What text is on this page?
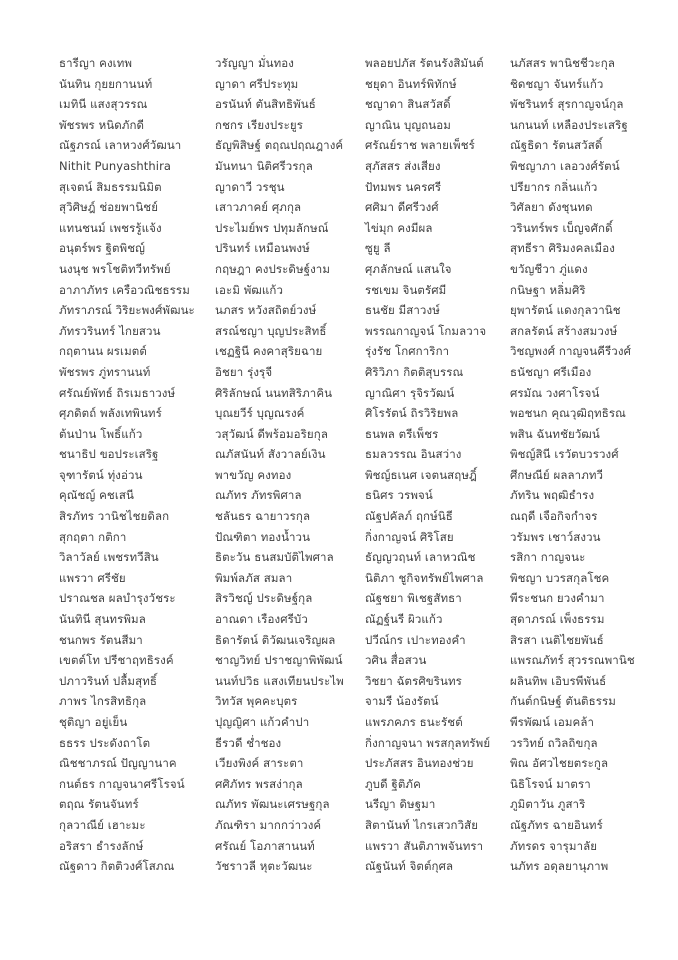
ธารีญา คงเทพ
นันทิน กุยยกานนท์
เมทินี แสงสุวรรณ
พัชรพร หนิดภักดี
ณัฐภรณ์ เลาหวงศ์วัฒนา
Nithit Punyashthira
สุเจตน์ สิมธรรมนิมิต
สุวิศิษฎ์ ช่อยพานิชย์
แทนชนม์ เพชรรู้แจ้ง
อนุตร์พร ฐิตพิชญ์
นงนุช พรโชติทวีทรัพย์
อาภาภัทร เครือวณิชธรรม
ภัทราภรณ์ วิริยะพงศ์พัฒนะ
ภัทรวรินทร์ ไกยสวน
กฤตานน ผรเมตต์
พัชรพร ภู่ทรานนท์
ศรัณย์พัทธ์ ถิรเมธาวงษ์
ศุภดิตถ์ พลังเทพินทร์
ต้นป่าน โพธิ์แก้ว
ชนาธิป ขอประเสริฐ
จุฑารัตน์ ทุ่งอ่วน
คุณัชญ์ คชเสนี
สิรภัทร วานิชไชยดิลก
สุกฤตา กติกา
วิลาวัลย์ เพชรทวีสิน
แพรวา ศรีชัย
ปราณชล ผลบำรุงวัชระ
นันทินี สุนทรพิมล
ชนกพร รัตนสีมา
เขตต์โท ปรีชาฤทธิรงค์
ปภาวรินท์ ปลื้มสุทธิ์
ภาพร ไกรสิทธิกุล
ชุติญา อยู่เย็น
ธธรร ประดังถาโต
ณิชชาภรณ์ ปัญญานาค
กนต์ธร กาญจนาศรีโรจน์
ตฤณ รัตนจันทร์
กุลวาณีย์ เฮาะมะ
อริสรา ธำรงลักษ์
ณัฐดาว กิตติวงศ์โสภณ
วรัญญา มั่นทอง
ญาดา ศรีประทุม
อรนันท์ ตันสิทธิพันธ์
กชกร เรียงประยูร
ธัญพิสิษฐ์ ตฤณปฤณฎางค์
มันทนา นิติศรีวรกุล
ญาดาวี วรชุน
เสาวภาคย์ ศุภกุล
ประไมย์พร ปทุมลักษณ์
ปรินทร์ เหมือนพงษ์
กฤษฎา คงประดิษฐ์งาม
เอะมิ พัฒแก้ว
นภสร หวังสถิตย์วงษ์
สรณ์ชญา บุญประสิทธิ์
เชฏฐินี คงคาสุริยฉาย
อิชยา รุ่งรุจี
ศิริลักษณ์ นนทสิริภาคิน
บุณยวีร์ บุญณรงค์
วสุวัฒน์ ดีพร้อมอริยกุล
ณภัสนันท์ สังวาลย์เงิน
พาขวัญ คงทอง
ณภัทร ภัทรพิศาล
ชลันธร ฉายาวรกุล
ปัณฑิตา ทองน้ำวน
ธิตะวัน ธนสมบัติไพศาล
พิมพ์ลภัส สมลา
สิรวิชญ์ ประดิษฐ์กุล
อาณดา เรืองศรีบัว
ธิดารัตน์ ติวัฒนเจริญผล
ชาญวิทย์ ปราชญาพิพัฒน์
นนท์ปวิธ แสงเทียนประไพ
วิทวัส พุคคะบุตร
ปุญญิศา แก้วคำปา
ธีรวดี ช่ำชอง
เวียงพิงค์ สาระตา
ศศิภัทร พรสง่ากุล
ณภัทร พัฒนะเศรษฐกุล
ภัณฑิรา มากกว่าวงค์
ศรัณย์ โอภาสานนท์
วัชราวลี หุตะวัฒนะ
พลอยปภัส รัตนรังสิมันต์
ชยุดา อินทร์พิทักษ์
ชญาดา สินสวัสดิ์
ญาณิน บุญถนอม
ศรัณย์ราช พลายเพ็ชร์
สุภัสสร ส่งเสียง
ปัทมพร นครศรี
ศศิมา ดีศรีวงศ์
ไข่มุก คงมีผล
ซูยู ลี
ศุภลักษณ์ แสนใจ
รชเขม จินตรัศมี
ธนชัย มีสาวงษ์
พรรณกาญจน์ โกมลวาจ
รุ่งรัช โกศการิกา
ศิริวิภา กิตติสุบรรณ
ญาณิศา รุจิรวัฒน์
ศิโรรัตน์ ถิรวิริยพล
ธนพล ตรีเพ็ชร
ธมลวรรณ อินสว่าง
พิชญ์ธเนศ เจตนสฤษฎิ์
ธนิศร วรพจน์
ณัฐปคัลภ์ ฤกษ์นิธี
กิ่งกาญจน์ ศิริโสย
ธัญญวฤนท์ เลาหวณิช
นิติภา ชูกิจทรัพย์ไพศาล
ณัฐชยา พิเชฐสัทธา
ณัฏฐ์นรี ผิวแก้ว
ปวีณ์กร เปาะทองคำ
วศิน สื่อสวน
วิชยา ฉัตรศิขรินทร
จามรี น้องรัตน์
แพรภคภร ธนะรัชต์
กิ่งกาญจนา พรสกุลทรัพย์
ประภัสสร อินทองช่วย
ภูบดี ฐิติภัค
นรีญา ดิษฐมา
สิตานันท์ ไกรเสวกวิสัย
แพรวา สันติภาพจันทรา
ณัฐนันท์ จิตต์กุศล
นภัสสร พานิชชีวะกุล
ชิดชญา จันทร์แก้ว
พัชรินทร์ สุรกาญจน์กุล
นกนนท์ เหลืองประเสริฐ
ณัฐธิดา รัตนสวัสดิ์
พิชญาภา เลอวงศ์รัตน์
ปรียากร กลิ่นแก้ว
วิศัลยา ดังชุนทด
วรินทร์พร เบ็ญจศักดิ์
สุทธีรา ศิริมงคลเมือง
ขวัญชีวา ภู่แดง
กนิษฐา หลิ่มศิริ
ยุพารัตน์ แดงกุลวานิช
สกลรัตน์ สร้างสมวงษ์
วิชญพงศ์ กาญจนคีรีวงศ์
ธนัชญา ศรีเมือง
ศรมัณ วงศาโรจน์
พอชนก คุณวุฒิฤทธิรณ
พสิน ฉันทชัยวัฒน์
พิชญ์สินี เรวัตบวรวงศ์
ศึกษณีย์ ผลลาภทวี
ภัทริน พฤฒิธำรง
ณฤดี เจือกิจกำจร
วรัมพร เชาว์สงวน
รสิกา กาญจนะ
พิชญา บวรสกุลโชค
พีระชนก ยวงคำมา
สุดาภรณ์ เพ็งธรรม
สิรสา เนติไชยพันธ์
แพรณภัทร์ สุวรรณพานิช
ผลินทิพ เอิบรพีพันธ์
กันต์กนิษฐ์ ตันติธรรม
พีรพัฒน์ เอมคล้า
วรวิทย์ ถวิลถิขกุล
พิณ อัศวไชยตระกูล
นิธิโรจน์ มาตรา
ภูมิตาวัน ภูสาริ
ณัฐภัทร ฉายอินทร์
ภัทรดร จารุมาลัย
นภัทร อดุลยานุภาพ
